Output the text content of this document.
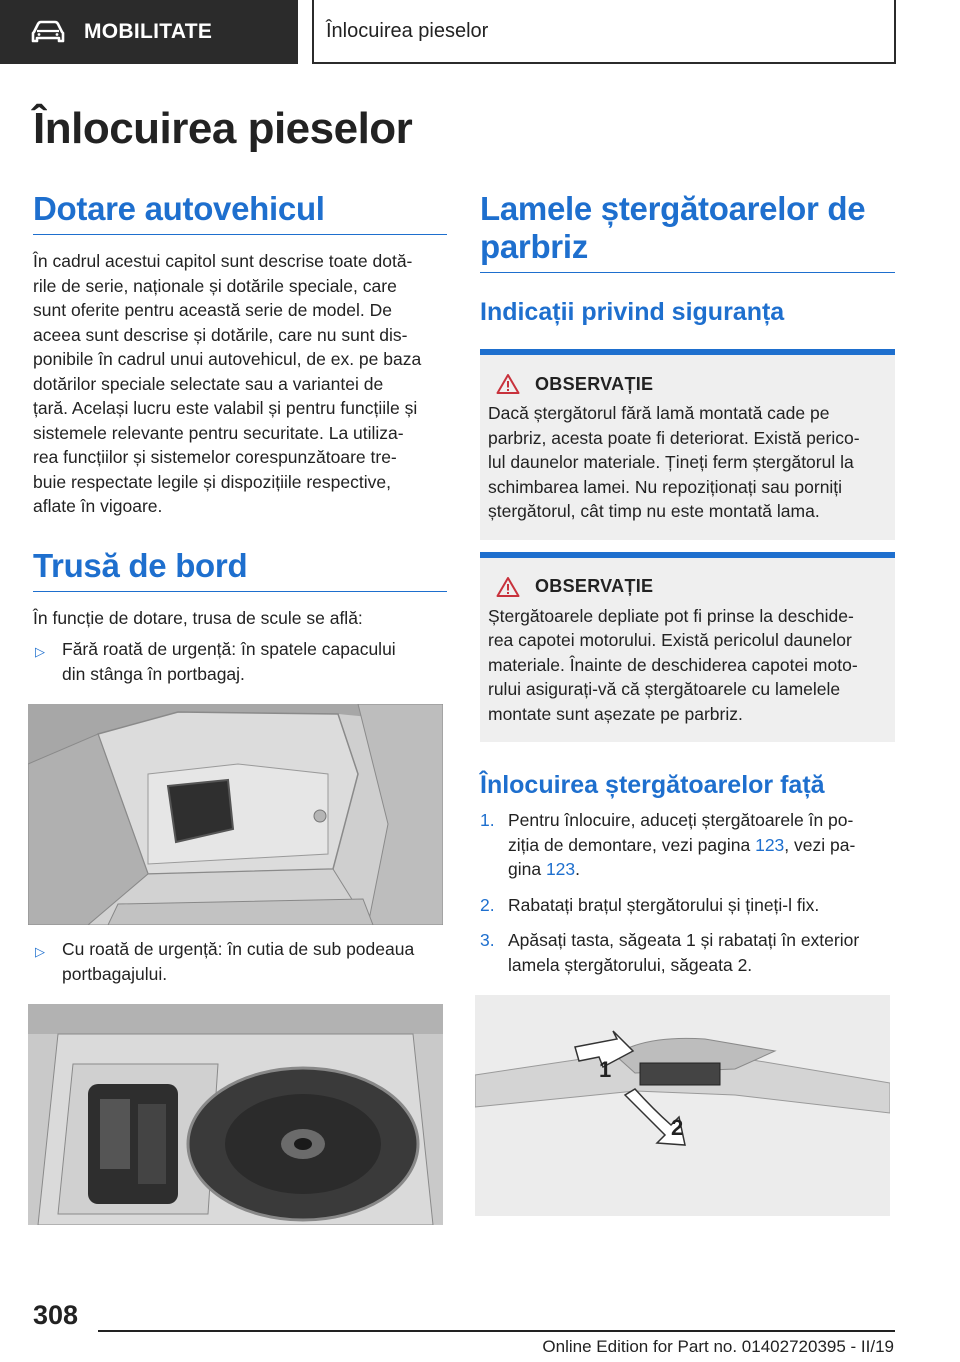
MOBILITATE	Înlocuirea pieselor
Înlocuirea pieselor
Dotare autovehicul
În cadrul acestui capitol sunt descrise toate dotă-
rile de serie, naționale și dotările speciale, care
sunt oferite pentru această serie de model. De
aceea sunt descrise și dotările, care nu sunt dis-
ponibile în cadrul unui autovehicul, de ex. pe baza
dotărilor speciale selectate sau a variantei de
țară. Același lucru este valabil și pentru funcțiile și
sistemele relevante pentru securitate. La utiliza-
rea funcțiilor și sistemelor corespunzătoare tre-
buie respectate legile și dispozițiile respective,
aflate în vigoare.
Trusă de bord
În funcție de dotare, trusa de scule se află:
▷ Fără roată de urgență: în spatele capacului
din stânga în portbagaj.
▷ Cu roată de urgență: în cutia de sub podeaua
portbagajului.
Lamele ștergătoarelor de
parbriz
Indicații privind siguranța
OBSERVAȚIE
Dacă ștergătorul fără lamă montată cade pe
parbriz, acesta poate fi deteriorat. Există perico-
lul daunelor materiale. Țineți ferm ștergătorul la
schimbarea lamei. Nu repoziționați sau porniți
ștergătorul, cât timp nu este montată lama.
OBSERVAȚIE
Ștergătoarele depliate pot fi prinse la deschide-
rea capotei motorului. Există pericolul daunelor
materiale. Înainte de deschiderea capotei moto-
rului asigurați-vă că ștergătoarele cu lamelele
montate sunt așezate pe parbriz.
Înlocuirea ștergătoarelor față
1. Pentru înlocuire, aduceți ștergătoarele în po-
ziția de demontare, vezi pagina 123, vezi pa-
gina 123.
2. Rabatați brațul ștergătorului și țineți-l fix.
3. Apăsați tasta, săgeata 1 și rabatați în exterior
lamela ștergătorului, săgeata 2.
1
2
308
Online Edition for Part no. 01402720395 - II/19
